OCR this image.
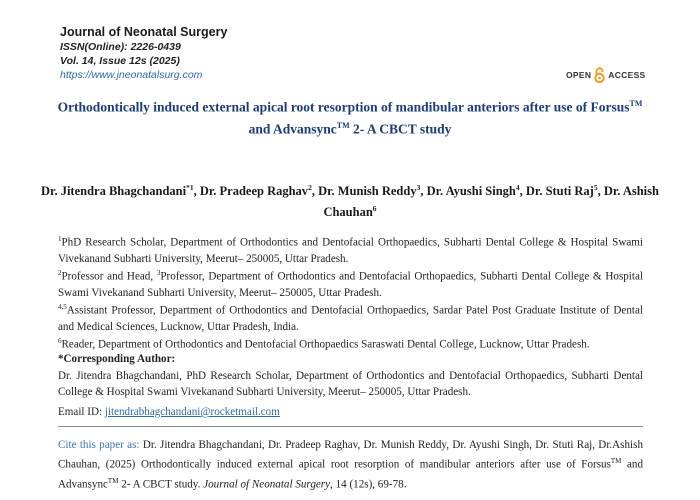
Journal of Neonatal Surgery
ISSN(Online): 2226-0439
Vol. 14, Issue 12s (2025)
https://www.jneonatalsurg.com	OPEN ACCESS
Orthodontically induced external apical root resorption of mandibular anteriors after use of Forsus™
and Advansync™ 2- A CBCT study
Dr. Jitendra Bhagchandani$^{*1}$, Dr. Pradeep Raghav$^2$, Dr. Munish Reddy$^3$, Dr. Ayushi Singh$^4$, Dr. Stuti Raj$^5$, Dr. Ashish Chauhan$^6$
$^1$PhD Research Scholar, Department of Orthodontics and Dentofacial Orthopaedics, Subharti Dental College & Hospital Swami Vivekanand Subharti University, Meerut– 250005, Uttar Pradesh.
$^2$Professor and Head, $^3$Professor, Department of Orthodontics and Dentofacial Orthopaedics, Subharti Dental College & Hospital Swami Vivekanand Subharti University, Meerut– 250005, Uttar Pradesh.
$^{4,5}$Assistant Professor, Department of Orthodontics and Dentofacial Orthopaedics, Sardar Patel Post Graduate Institute of Dental and Medical Sciences, Lucknow, Uttar Pradesh, India.
$^6$Reader, Department of Orthodontics and Dentofacial Orthopaedics Saraswati Dental College, Lucknow, Uttar Pradesh.
*Corresponding Author:
Dr. Jitendra Bhagchandani, PhD Research Scholar, Department of Orthodontics and Dentofacial Orthopaedics, Subharti Dental College & Hospital Swami Vivekanand Subharti University, Meerut– 250005, Uttar Pradesh.
Email ID: jitendrabhagchandani@rocketmail.com
Cite this paper as: Dr. Jitendra Bhagchandani, Dr. Pradeep Raghav, Dr. Munish Reddy, Dr. Ayushi Singh, Dr. Stuti Raj, Dr.Ashish Chauhan, (2025) Orthodontically induced external apical root resorption of mandibular anteriors after use of Forsus™ and Advansync™ 2- A CBCT study. Journal of Neonatal Surgery, 14 (12s), 69-78.
